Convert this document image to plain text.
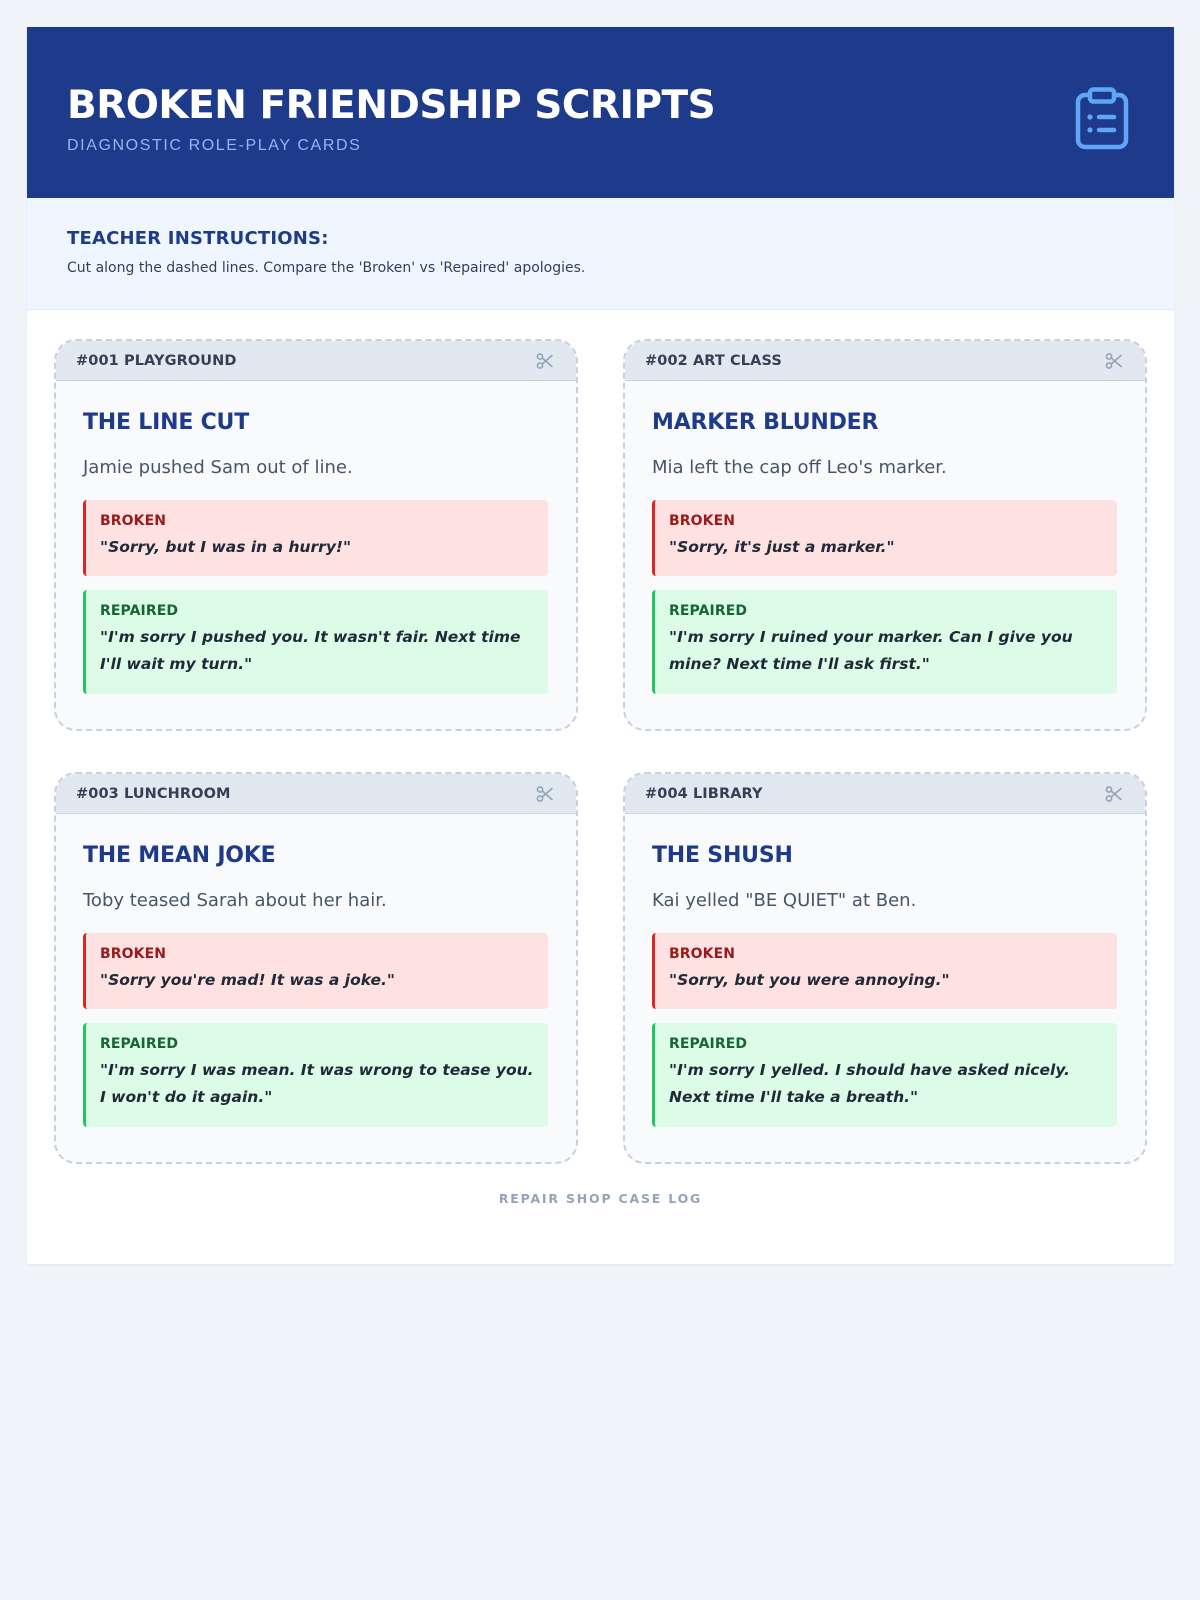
BROKEN FRIENDSHIP SCRIPTS
DIAGNOSTIC ROLE-PLAY CARDS
TEACHER INSTRUCTIONS:
Cut along the dashed lines. Compare the 'Broken' vs 'Repaired' apologies.
#001 PLAYGROUND
THE LINE CUT
Jamie pushed Sam out of line.
BROKEN
"Sorry, but I was in a hurry!"
REPAIRED
"I'm sorry I pushed you. It wasn't fair. Next time I'll wait my turn."
#002 ART CLASS
MARKER BLUNDER
Mia left the cap off Leo's marker.
BROKEN
"Sorry, it's just a marker."
REPAIRED
"I'm sorry I ruined your marker. Can I give you mine? Next time I'll ask first."
#003 LUNCHROOM
THE MEAN JOKE
Toby teased Sarah about her hair.
BROKEN
"Sorry you're mad! It was a joke."
REPAIRED
"I'm sorry I was mean. It was wrong to tease you. I won't do it again."
#004 LIBRARY
THE SHUSH
Kai yelled "BE QUIET" at Ben.
BROKEN
"Sorry, but you were annoying."
REPAIRED
"I'm sorry I yelled. I should have asked nicely. Next time I'll take a breath."
REPAIR SHOP CASE LOG
